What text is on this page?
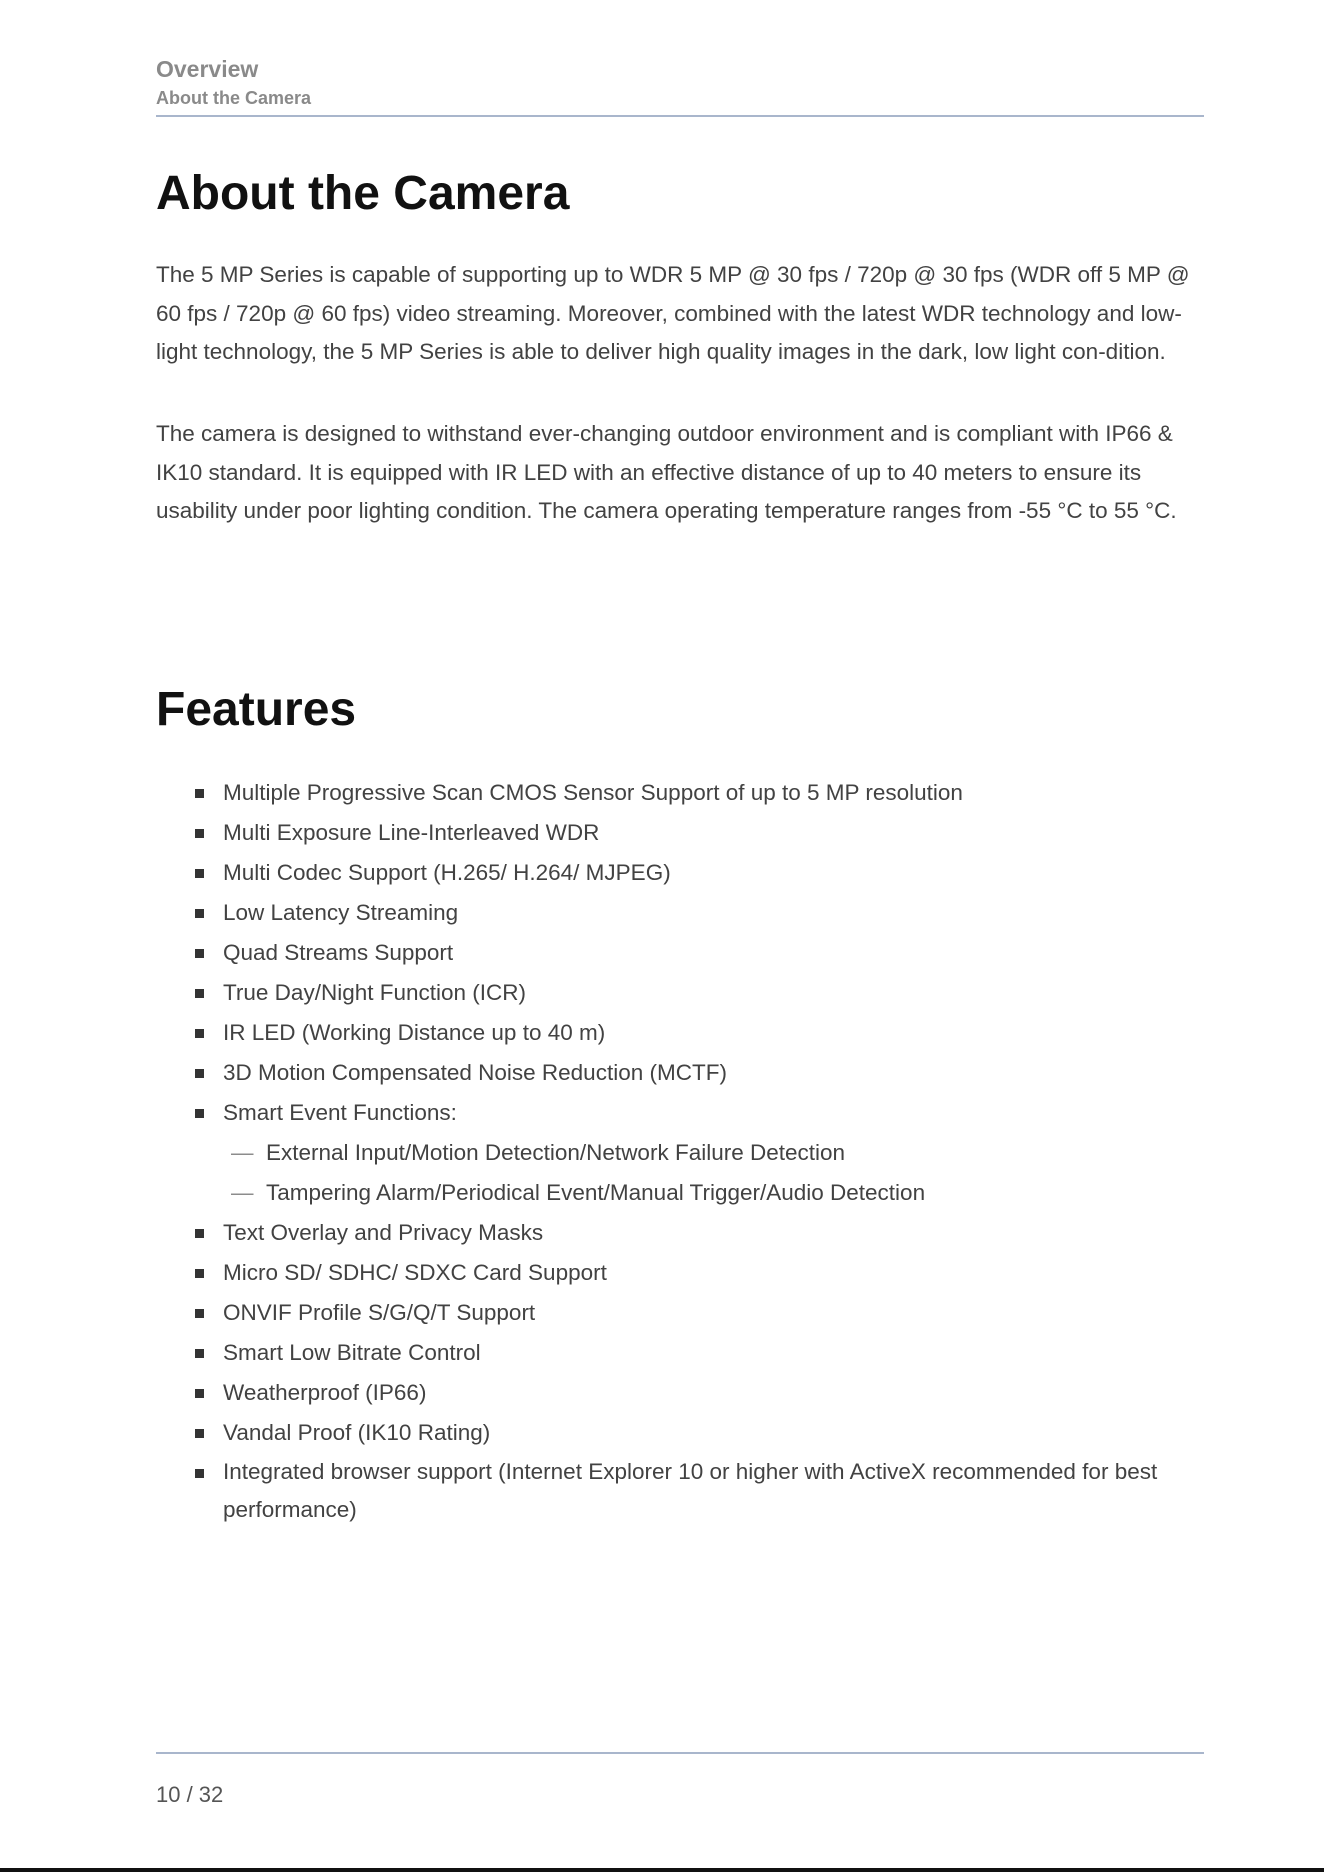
Overview
About the Camera
About the Camera

The 5 MP Series is capable of supporting up to WDR 5 MP @ 30 fps / 720p @ 30 fps (WDR off 5 MP @ 60 fps / 720p @ 60 fps) video streaming. Moreover, combined with the latest WDR technology and low-light technology, the 5 MP Series is able to deliver high quality images in the dark, low light con-dition.

The camera is designed to withstand ever-changing outdoor environment and is compliant with IP66 & IK10 standard. It is equipped with IR LED with an effective distance of up to 40 meters to ensure its usability under poor lighting condition. The camera operating temperature ranges from -55 °C to 55 °C.

Features
Multiple Progressive Scan CMOS Sensor Support of up to 5 MP resolution
Multi Exposure Line-Interleaved WDR
Multi Codec Support (H.265/ H.264/ MJPEG)
Low Latency Streaming
Quad Streams Support
True Day/Night Function (ICR)
IR LED (Working Distance up to 40 m)
3D Motion Compensated Noise Reduction (MCTF)
Smart Event Functions:
— External Input/Motion Detection/Network Failure Detection
— Tampering Alarm/Periodical Event/Manual Trigger/Audio Detection
Text Overlay and Privacy Masks
Micro SD/ SDHC/ SDXC Card Support
ONVIF Profile S/G/Q/T Support
Smart Low Bitrate Control
Weatherproof (IP66)
Vandal Proof (IK10 Rating)
Integrated browser support (Internet Explorer 10 or higher with ActiveX recommended for best performance)
10 / 32
